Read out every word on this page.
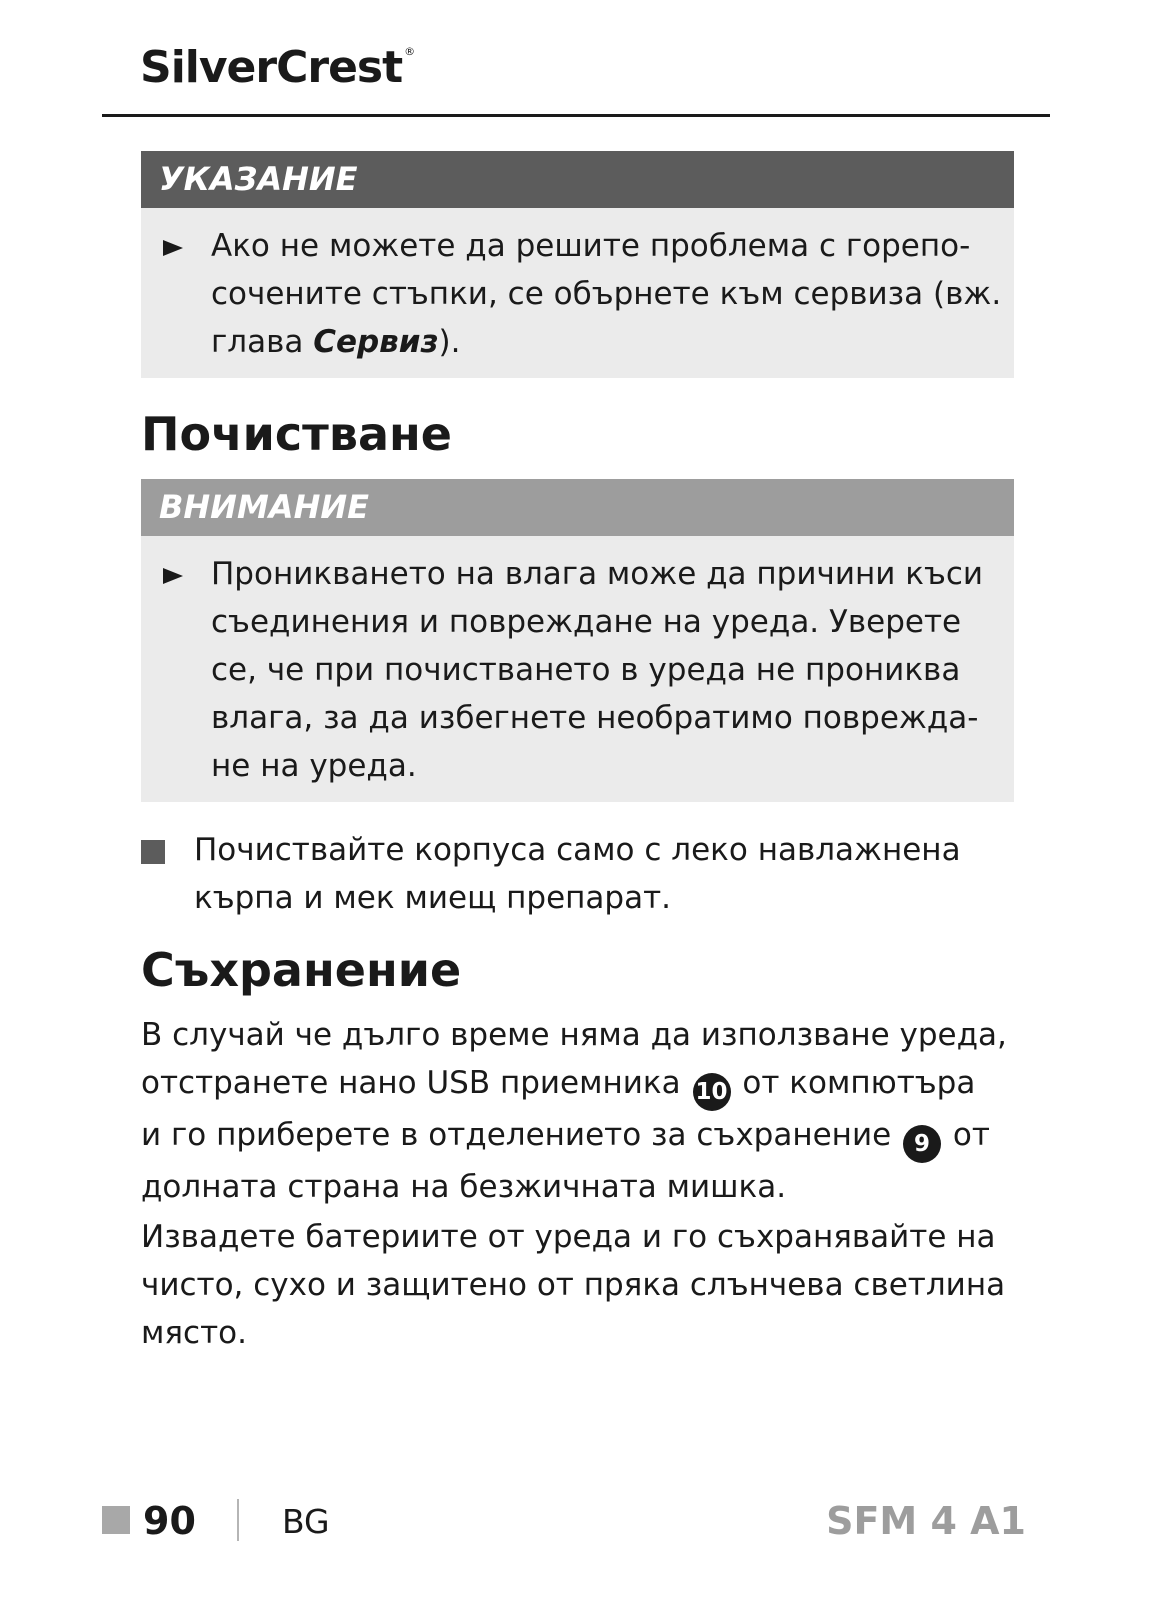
SilverCrest ®
УКАЗАНИЕ
Ако не можете да решите проблема с горепо-
сочените стъпки, се обърнете към сервиза (вж.
глава Сервиз).
Почистване
ВНИМАНИЕ
Проникването на влага може да причини къси
съединения и повреждане на уреда. Уверете
се, че при почистването в уреда не прониква
влага, за да избегнете необратимо поврежда-
не на уреда.
Почиствайте корпуса само с леко навлажнена
кърпа и мек миещ препарат.
Съхранение
В случай че дълго време няма да използване уреда,
отстранете нано USB приемника 10 от компютъра
и го приберете в отделението за съхранение 9 от
долната страна на безжичната мишка.
Извадете батериите от уреда и го съхранявайте на
чисто, сухо и защитено от пряка слънчева светлина
място.
90	BG	SFM 4 A1
